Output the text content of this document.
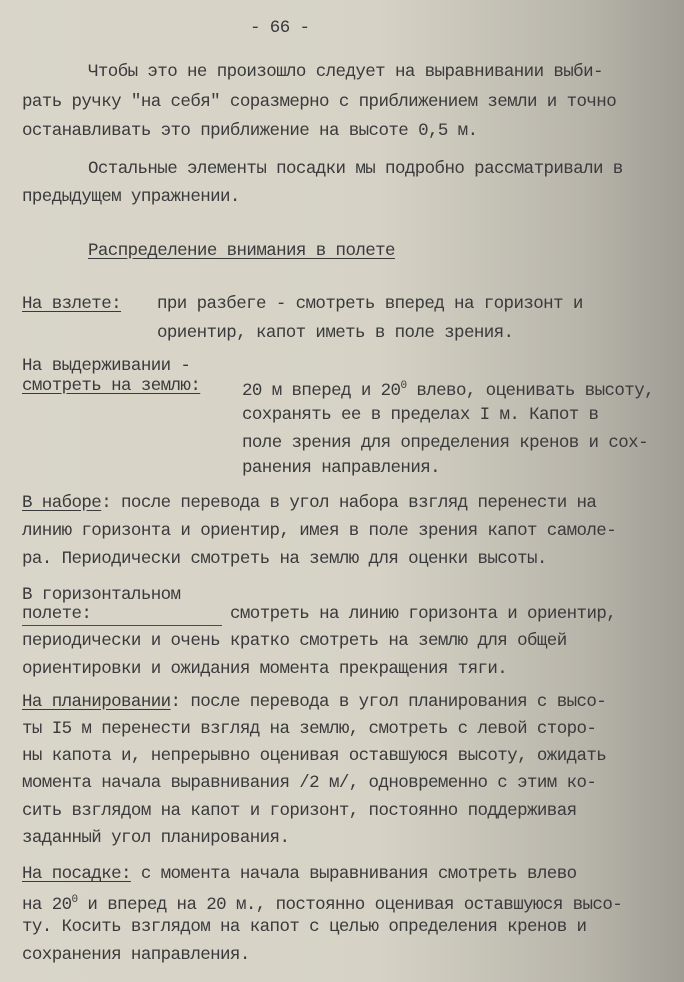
- 66 -
Чтобы это не произошло следует на выравнивании выби-
рать ручку "на себя" соразмерно с приближением земли и точно
останавливать это приближение на высоте 0,5 м.
Остальные элементы посадки мы подробно рассматривали в
предыдущем упражнении.
Распределение внимания в полете
На взлете: при разбеге - смотреть вперед на горизонт и
ориентир, капот иметь в поле зрения.
На выдерживании -
смотреть на землю: 20 м вперед и $20^0$ влево, оценивать высоту,
сохранять ее в пределах I м. Капот в
поле зрения для определения кренов и сох-
ранения направления.
В наборе: после перевода в угол набора взгляд перенести на
линию горизонта и ориентир, имея в поле зрения капот самоле-
ра. Периодически смотреть на землю для оценки высоты.
В горизонтальном
полете:	смотреть на линию горизонта и ориентир,
периодически и очень кратко смотреть на землю для общей
ориентировки и ожидания момента прекращения тяги.
На планировании: после перевода в угол планирования с высо-
ты I5 м перенести взгляд на землю, смотреть с левой сторо-
ны капота и, непрерывно оценивая оставшуюся высоту, ожидать
момента начала выравнивания /2 м/, одновременно с этим ко-
сить взглядом на капот и горизонт, постоянно поддерживая
заданный угол планирования.
На посадке: с момента начала выравнивания смотреть влево
на $20^0$ и вперед на 20 м., постоянно оценивая оставшуюся высо-
ту. Косить взглядом на капот с целью определения кренов и
сохранения направления.
